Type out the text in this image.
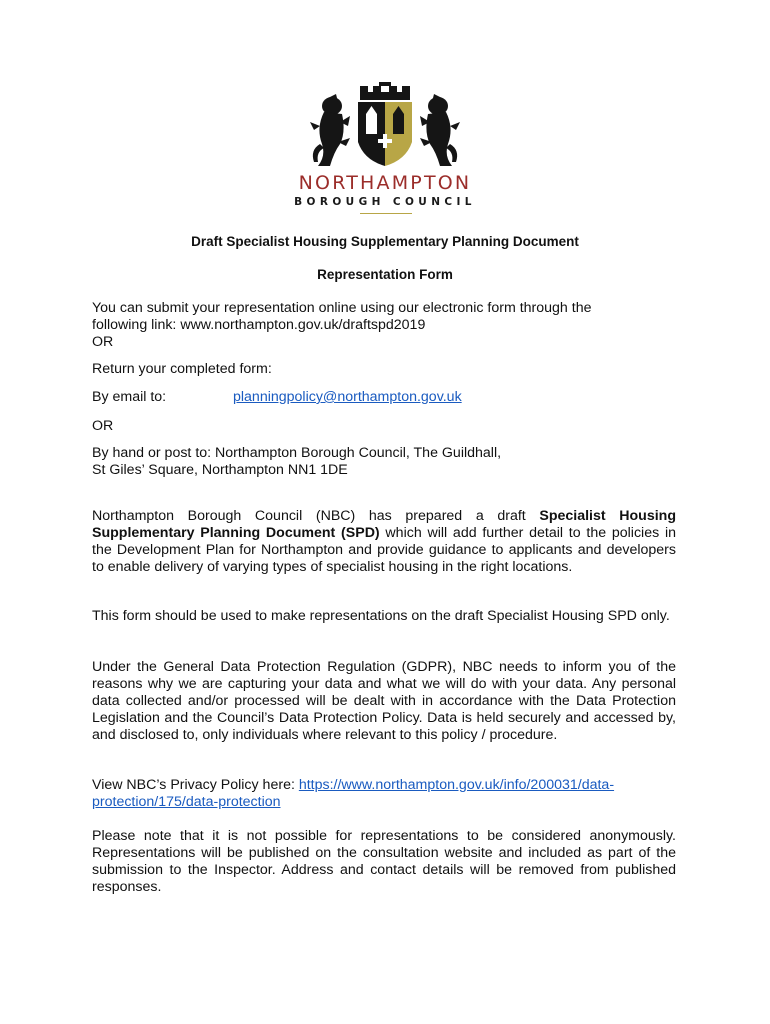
NORTHAMPTON
BOROUGH COUNCIL
Draft Specialist Housing Supplementary Planning Document
Representation Form
You can submit your representation online using our electronic form through the
following link: www.northampton.gov.uk/draftspd2019
OR
Return your completed form:
By email to:	planningpolicy@northampton.gov.uk
OR
By hand or post to: Northampton Borough Council, The Guildhall,
St Giles’ Square, Northampton NN1 1DE
Northampton Borough Council (NBC) has prepared a draft Specialist Housing Supplementary Planning Document (SPD) which will add further detail to the policies in the Development Plan for Northampton and provide guidance to applicants and developers to enable delivery of varying types of specialist housing in the right locations.
This form should be used to make representations on the draft Specialist Housing SPD only.
Under the General Data Protection Regulation (GDPR), NBC needs to inform you of the reasons why we are capturing your data and what we will do with your data. Any personal data collected and/or processed will be dealt with in accordance with the Data Protection Legislation and the Council’s Data Protection Policy. Data is held securely and accessed by, and disclosed to, only individuals where relevant to this policy / procedure.
View NBC’s Privacy Policy here: https://www.northampton.gov.uk/info/200031/data-
protection/175/data-protection
Please note that it is not possible for representations to be considered anonymously. Representations will be published on the consultation website and included as part of the submission to the Inspector. Address and contact details will be removed from published responses.
